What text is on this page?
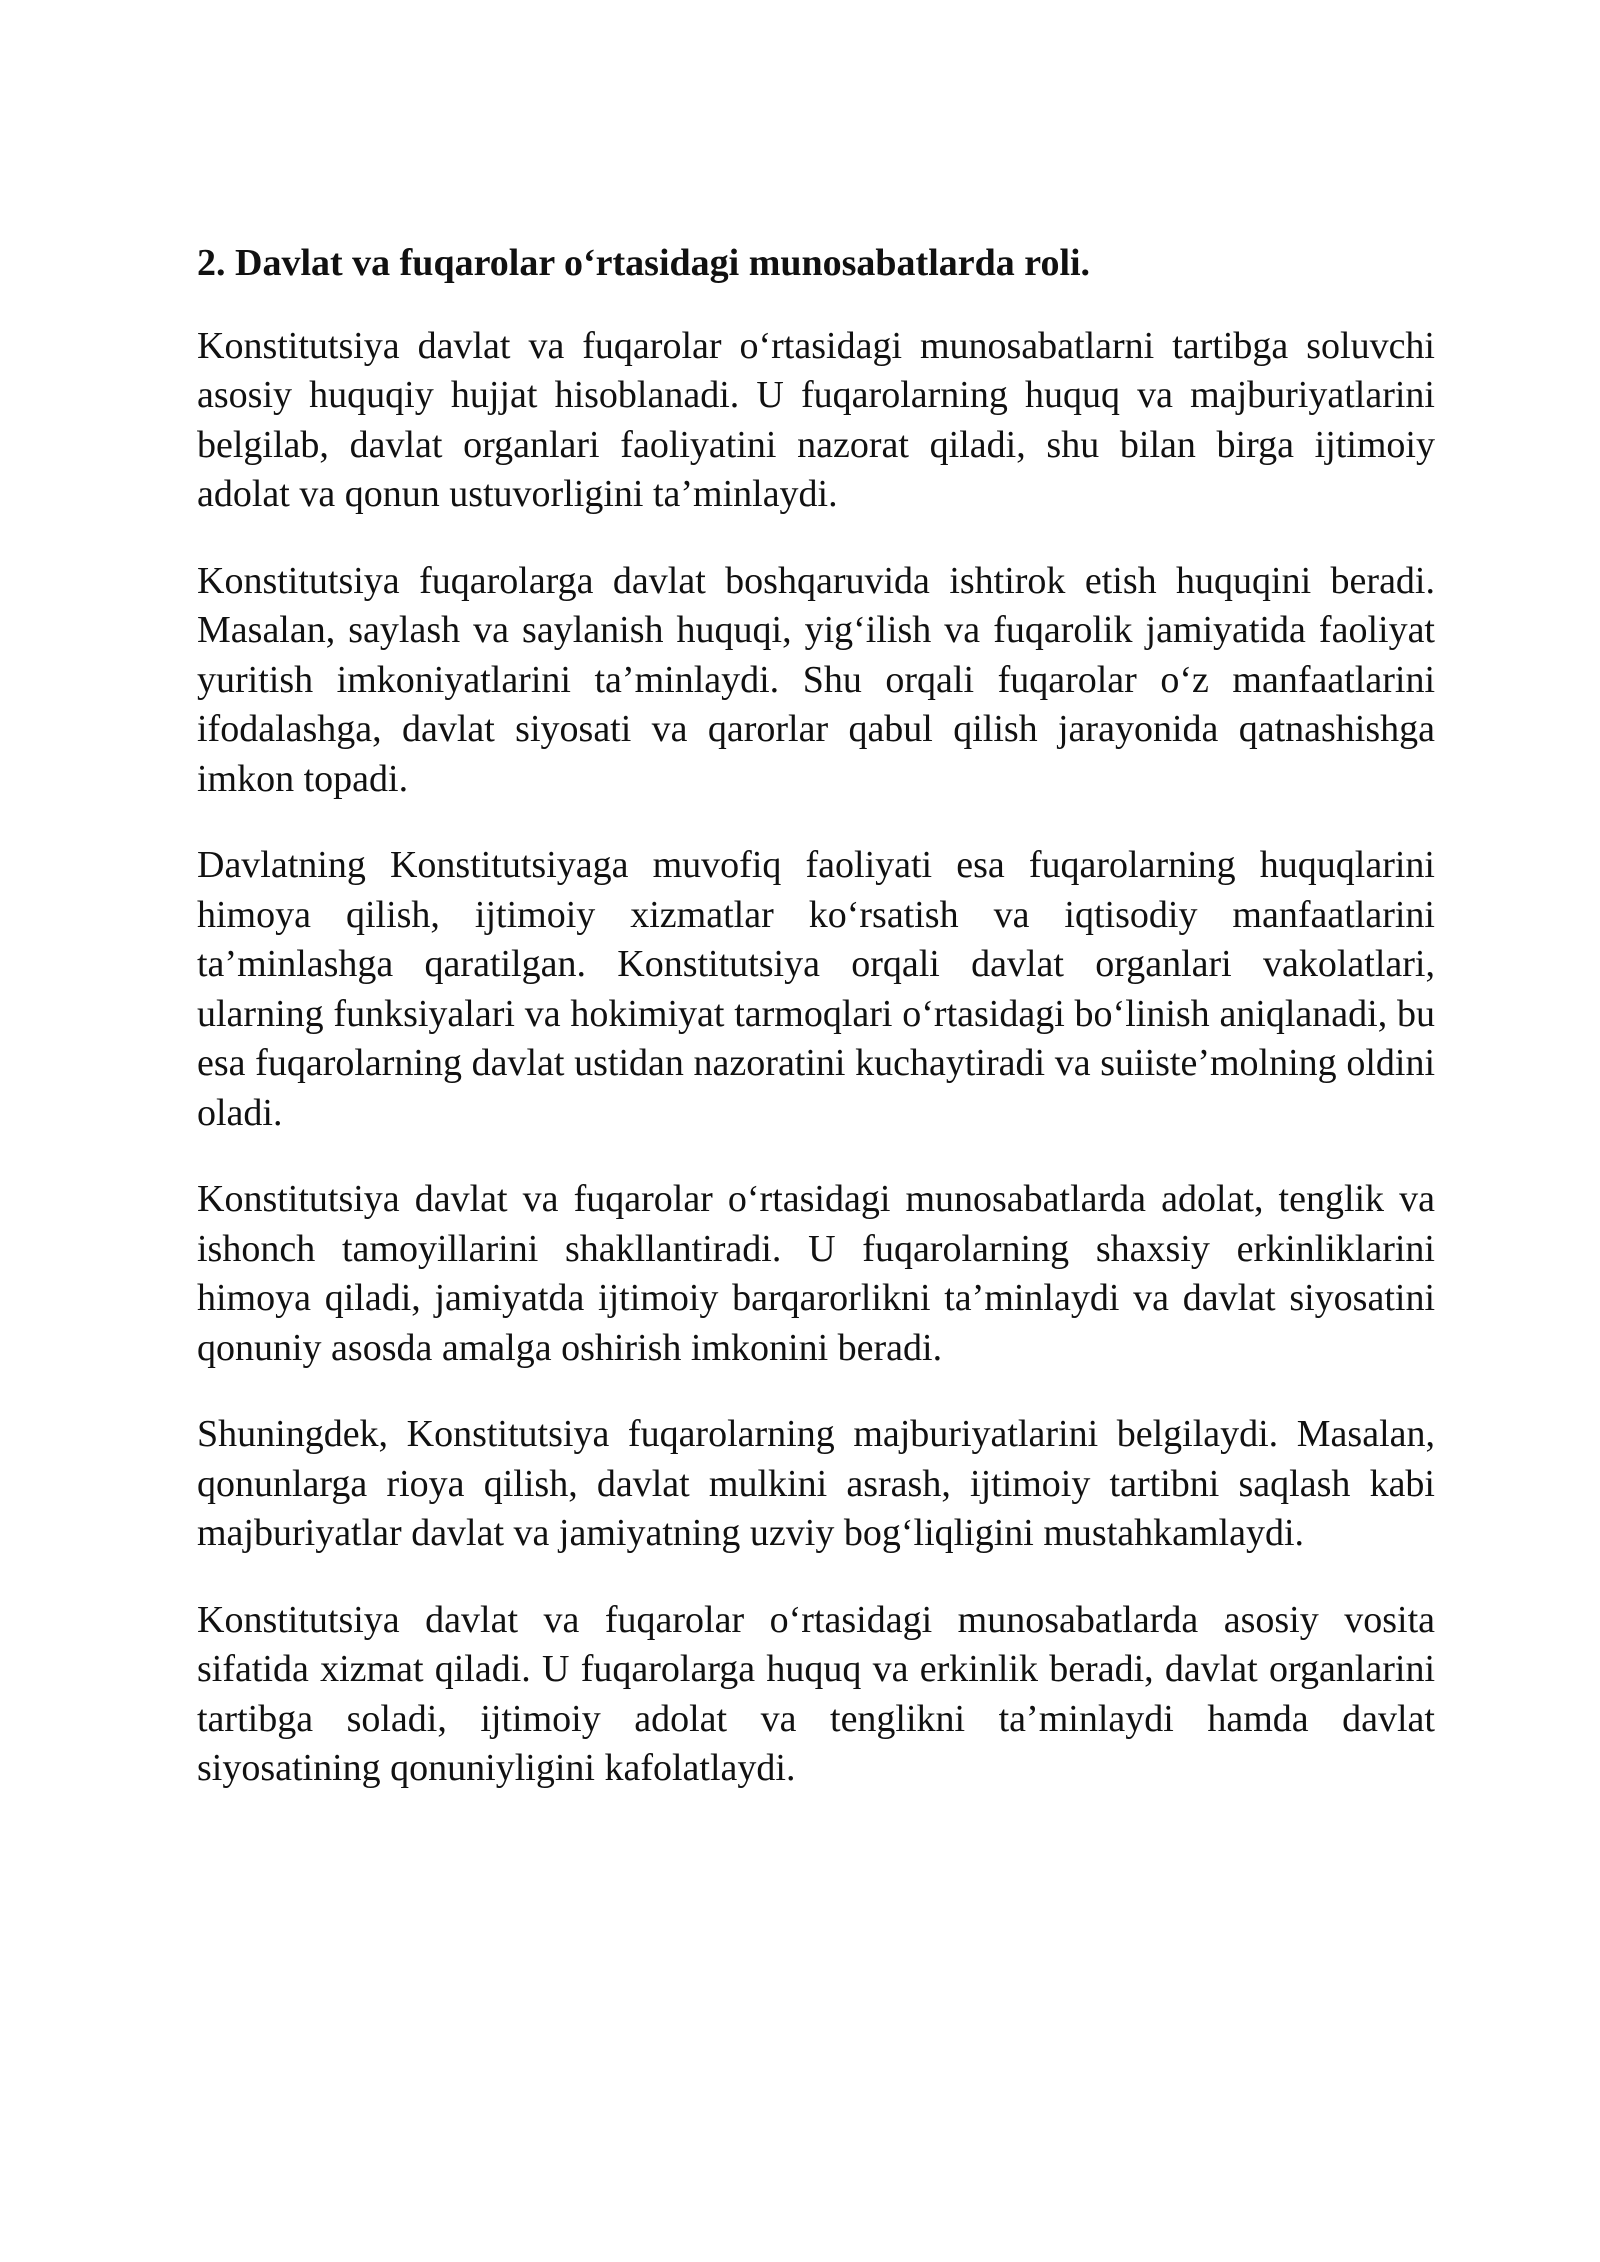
2. Davlat va fuqarolar o‘rtasidagi munosabatlarda roli.

Konstitutsiya davlat va fuqarolar o‘rtasidagi munosabatlarni tartibga soluvchi asosiy huquqiy hujjat hisoblanadi. U fuqarolarning huquq va majburiyatlarini belgilab, davlat organlari faoliyatini nazorat qiladi, shu bilan birga ijtimoiy adolat va qonun ustuvorligini ta’minlaydi.

Konstitutsiya fuqarolarga davlat boshqaruvida ishtirok etish huquqini beradi. Masalan, saylash va saylanish huquqi, yig‘ilish va fuqarolik jamiyatida faoliyat yuritish imkoniyatlarini ta’minlaydi. Shu orqali fuqarolar o‘z manfaatlarini ifodalashga, davlat siyosati va qarorlar qabul qilish jarayonida qatnashishga imkon topadi.

Davlatning Konstitutsiyaga muvofiq faoliyati esa fuqarolarning huquqlarini himoya qilish, ijtimoiy xizmatlar ko‘rsatish va iqtisodiy manfaatlarini ta’minlashga qaratilgan. Konstitutsiya orqali davlat organlari vakolatlari, ularning funksiyalari va hokimiyat tarmoqlari o‘rtasidagi bo‘linish aniqlanadi, bu esa fuqarolarning davlat ustidan nazoratini kuchaytiradi va suiiste’molning oldini oladi.

Konstitutsiya davlat va fuqarolar o‘rtasidagi munosabatlarda adolat, tenglik va ishonch tamoyillarini shakllantiradi. U fuqarolarning shaxsiy erkinliklarini himoya qiladi, jamiyatda ijtimoiy barqarorlikni ta’minlaydi va davlat siyosatini qonuniy asosda amalga oshirish imkonini beradi.

Shuningdek, Konstitutsiya fuqarolarning majburiyatlarini belgilaydi. Masalan, qonunlarga rioya qilish, davlat mulkini asrash, ijtimoiy tartibni saqlash kabi majburiyatlar davlat va jamiyatning uzviy bog‘liqligini mustahkamlaydi.

Konstitutsiya davlat va fuqarolar o‘rtasidagi munosabatlarda asosiy vosita sifatida xizmat qiladi. U fuqarolarga huquq va erkinlik beradi, davlat organlarini tartibga soladi, ijtimoiy adolat va tenglikni ta’minlaydi hamda davlat siyosatining qonuniyligini kafolatlaydi.
